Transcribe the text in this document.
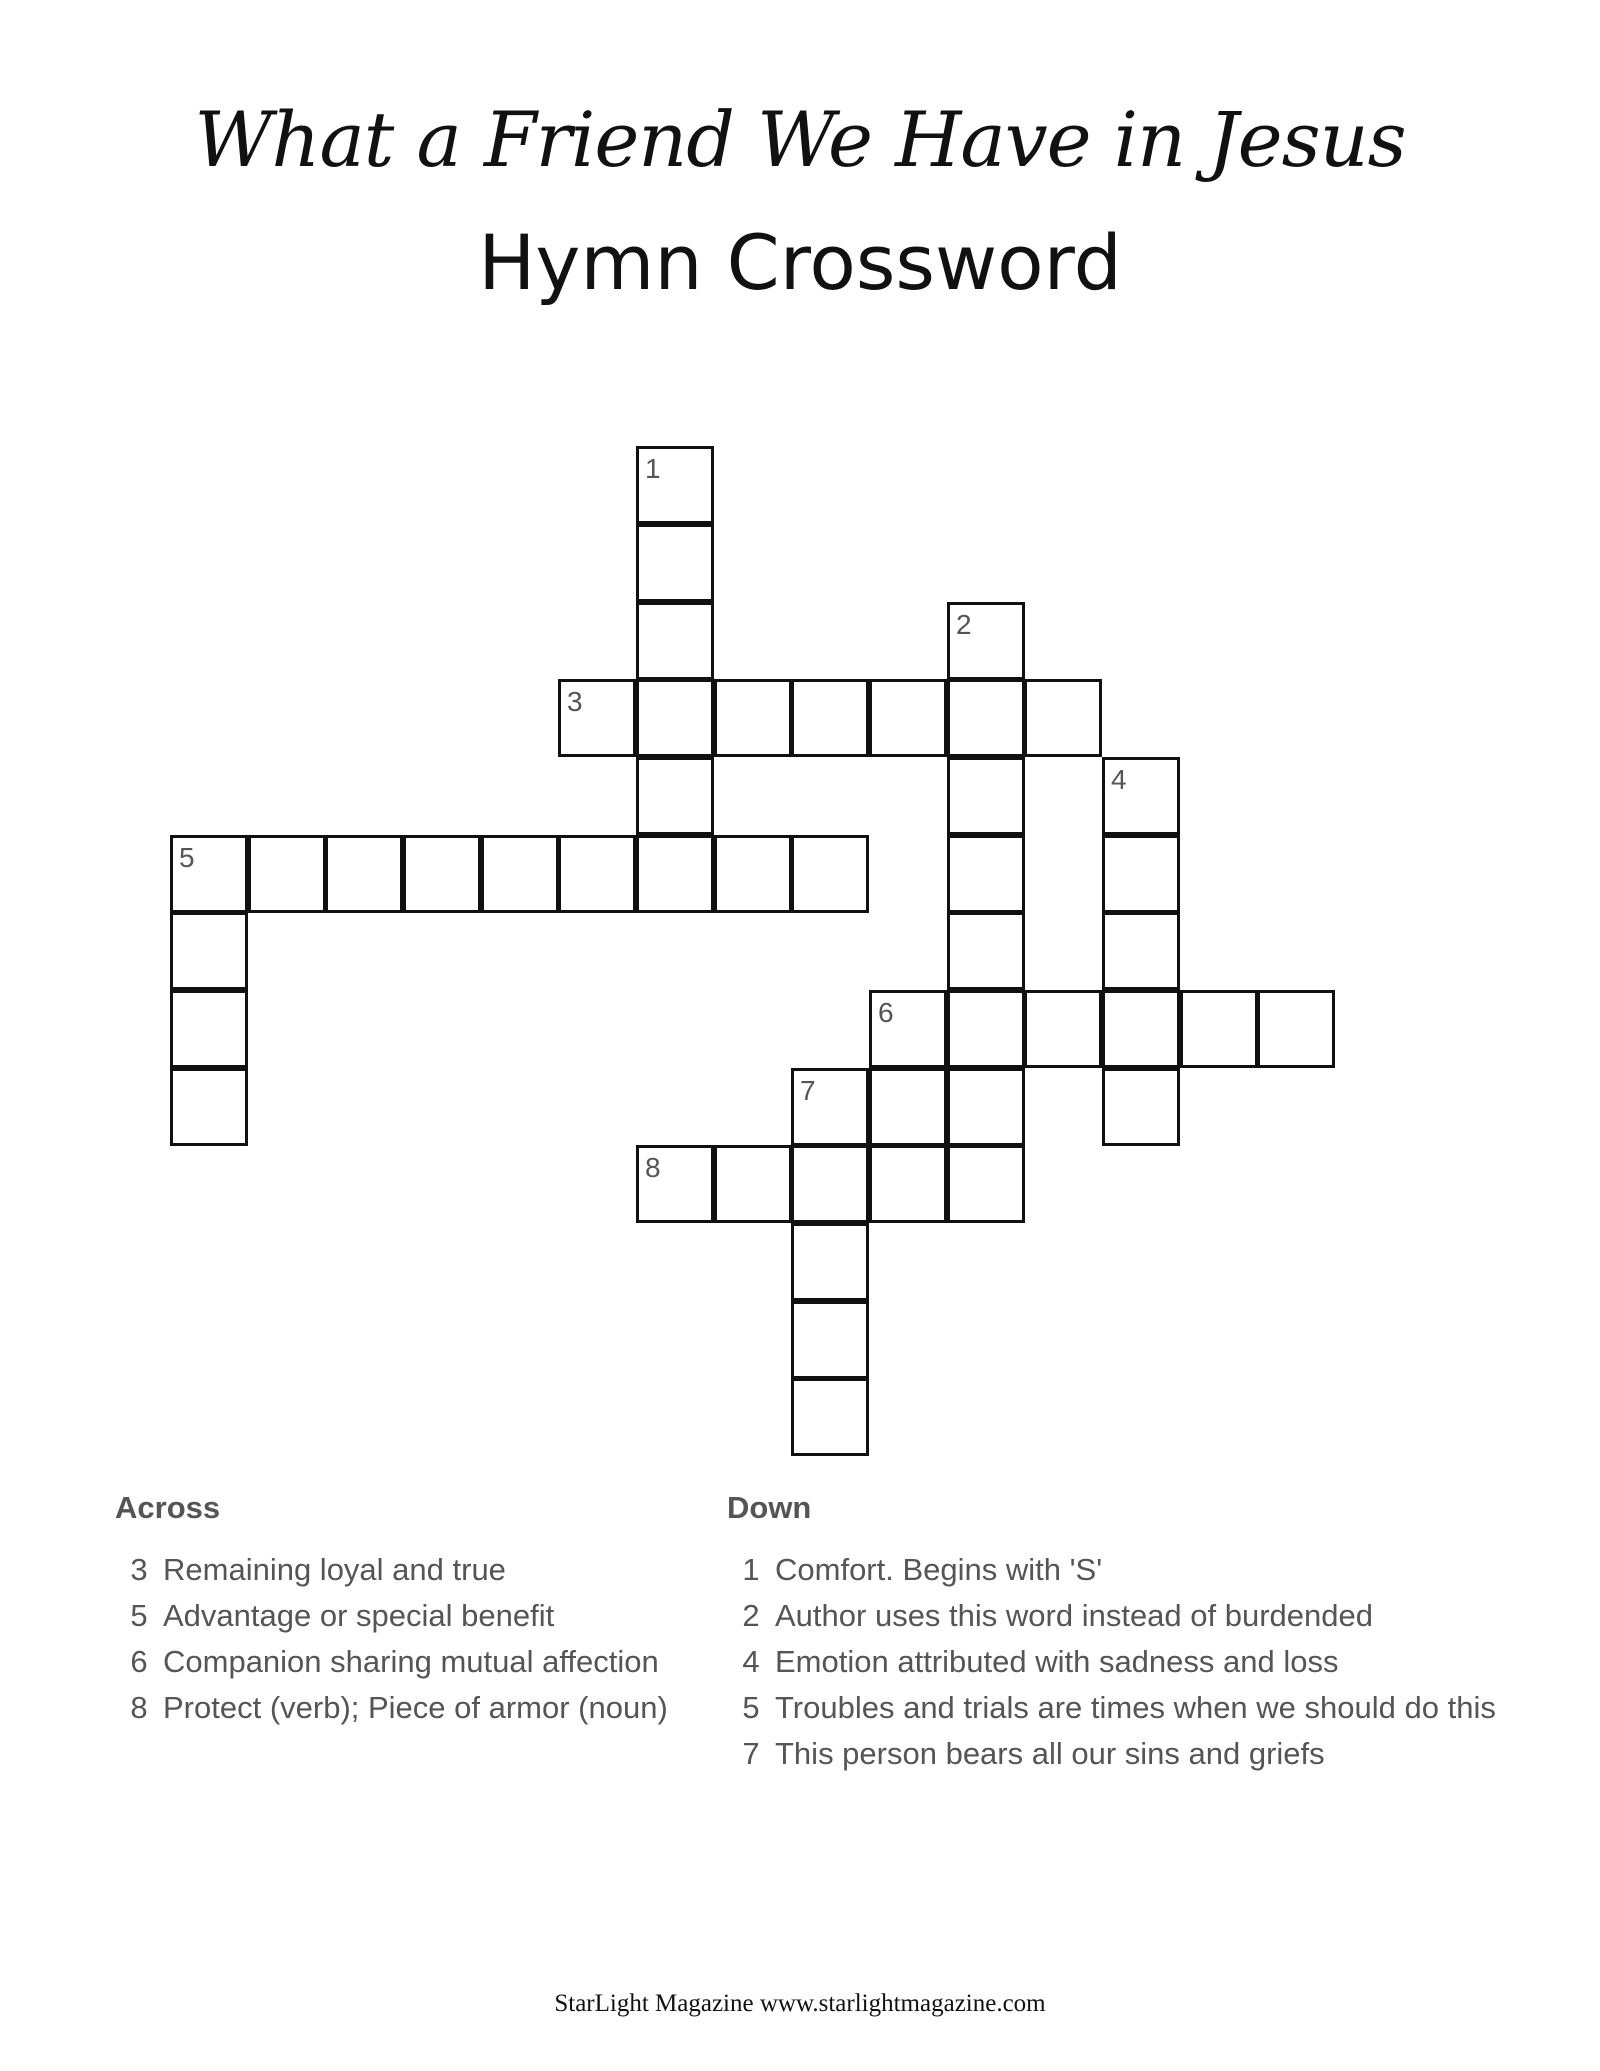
What a Friend We Have in Jesus
Hymn Crossword
1
2
3
4
5
6
7
8
Across
3 Remaining loyal and true
5 Advantage or special benefit
6 Companion sharing mutual affection
8 Protect (verb); Piece of armor (noun)
Down
1 Comfort. Begins with 'S'
2 Author uses this word instead of burdended
4 Emotion attributed with sadness and loss
5 Troubles and trials are times when we should do this
7 This person bears all our sins and griefs
StarLight Magazine www.starlightmagazine.com
